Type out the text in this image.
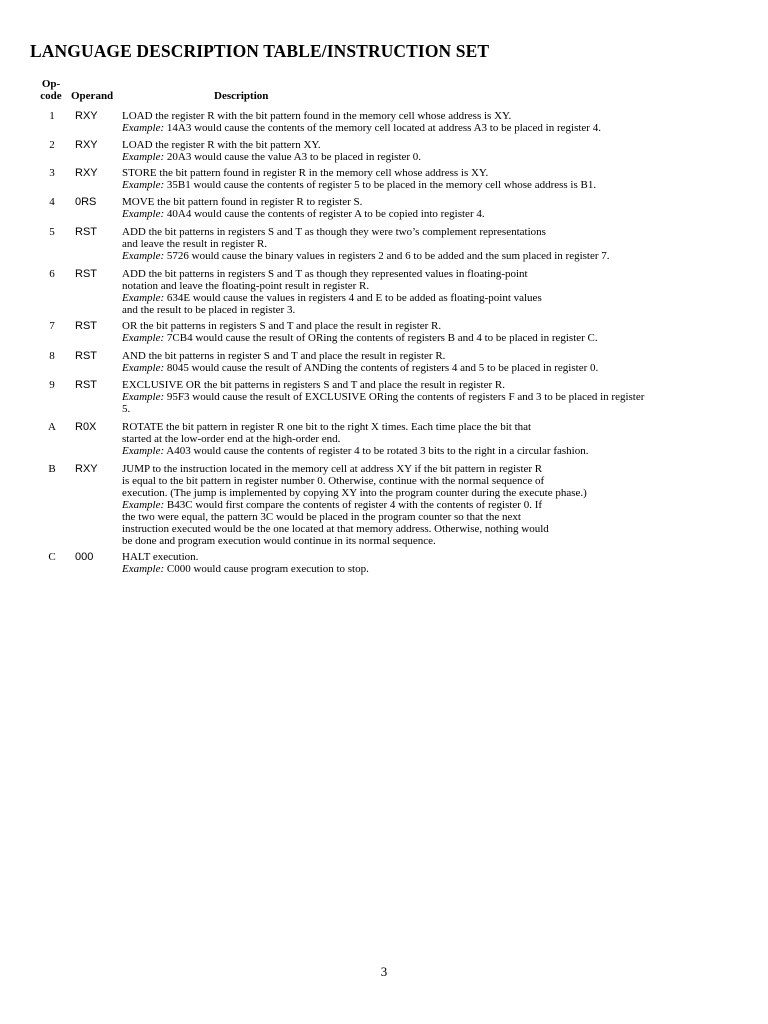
LANGUAGE DESCRIPTION TABLE/INSTRUCTION SET
Op-
code Operand	Description
1	RXY LOAD the register R with the bit pattern found in the memory cell whose address is XY.
Example: 14A3 would cause the contents of the memory cell located at address A3 to be placed in register 4.
2	RXY LOAD the register R with the bit pattern XY.
Example: 20A3 would cause the value A3 to be placed in register 0.
3	RXY STORE the bit pattern found in register R in the memory cell whose address is XY.
Example: 35B1 would cause the contents of register 5 to be placed in the memory cell whose address is B1.
4	0RS MOVE the bit pattern found in register R to register S.
Example: 40A4 would cause the contents of register A to be copied into register 4.
5	RST ADD the bit patterns in registers S and T as though they were two’s complement representations
and leave the result in register R.
Example: 5726 would cause the binary values in registers 2 and 6 to be added and the sum placed in register 7.
6	RST ADD the bit patterns in registers S and T as though they represented values in floating-point
notation and leave the floating-point result in register R.
Example: 634E would cause the values in registers 4 and E to be added as floating-point values
and the result to be placed in register 3.
7	RST OR the bit patterns in registers S and T and place the result in register R.
Example: 7CB4 would cause the result of ORing the contents of registers B and 4 to be placed in register C.
8	RST AND the bit patterns in register S and T and place the result in register R.
Example: 8045 would cause the result of ANDing the contents of registers 4 and 5 to be placed in register 0.
9	RST EXCLUSIVE OR the bit patterns in registers S and T and place the result in register R.
Example: 95F3 would cause the result of EXCLUSIVE ORing the contents of registers F and 3 to be placed in register
5.
A	R0X ROTATE the bit pattern in register R one bit to the right X times. Each time place the bit that
started at the low-order end at the high-order end.
Example: A403 would cause the contents of register 4 to be rotated 3 bits to the right in a circular fashion.
B	RXY JUMP to the instruction located in the memory cell at address XY if the bit pattern in register R
is equal to the bit pattern in register number 0. Otherwise, continue with the normal sequence of
execution. (The jump is implemented by copying XY into the program counter during the execute phase.)
Example: B43C would first compare the contents of register 4 with the contents of register 0. If
the two were equal, the pattern 3C would be placed in the program counter so that the next
instruction executed would be the one located at that memory address. Otherwise, nothing would
be done and program execution would continue in its normal sequence.
C	000	HALT execution.
Example: C000 would cause program execution to stop.
3
